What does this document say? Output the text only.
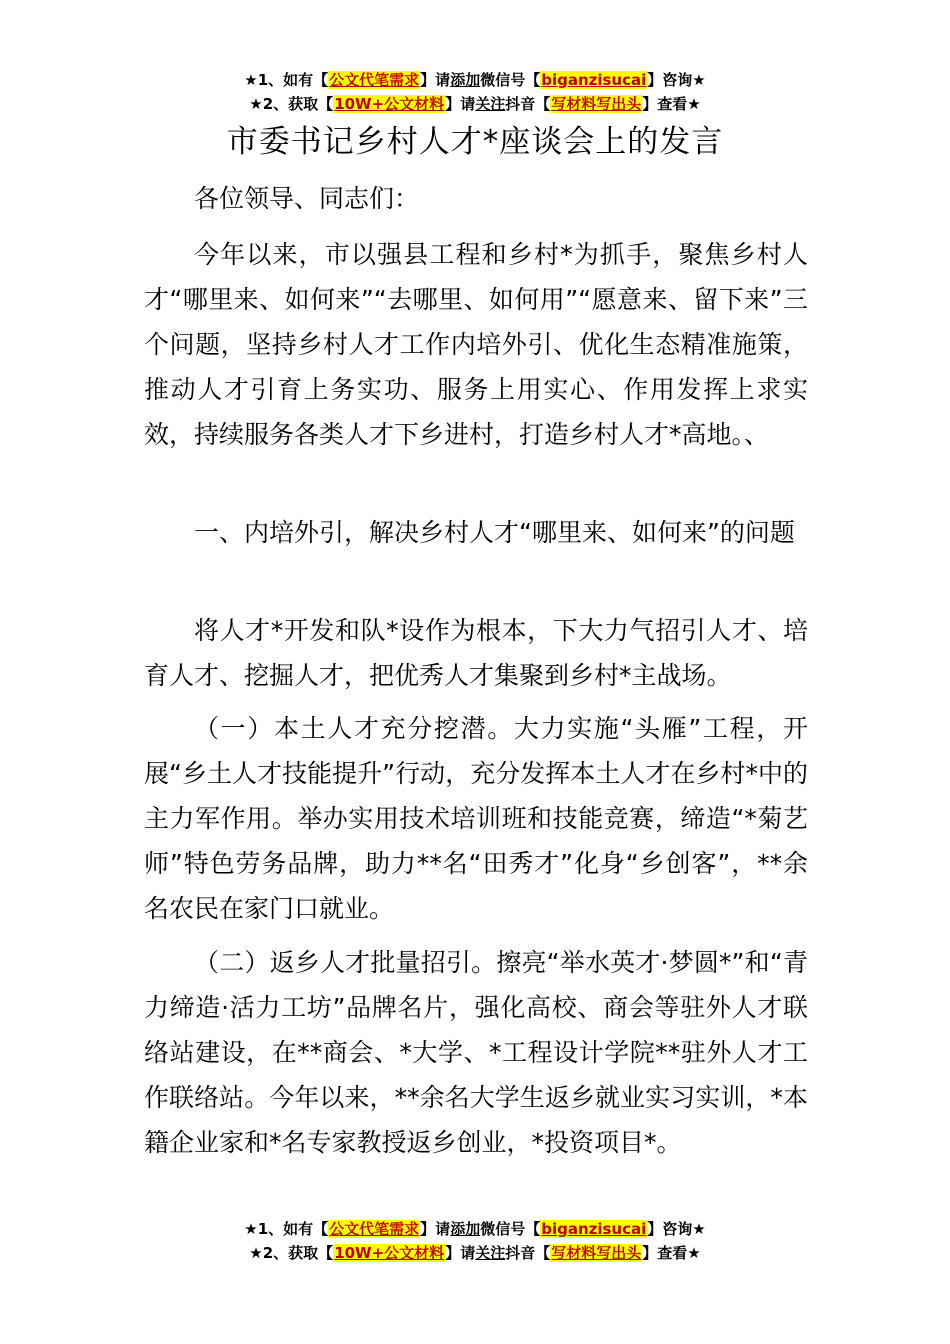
★1、如有【公文代笔需求】请添加微信号【biganzisucai】咨询★
★2、获取【10W+公文材料】请关注抖音【写材料写出头】查看★
市委书记乡村人才*座谈会上的发言
各位领导、同志们：
今年以来，市以强县工程和乡村*为抓手，聚焦乡村人才“哪里来、如何来”“去哪里、如何用”“愿意来、留下来”三个问题，坚持乡村人才工作内培外引、优化生态精准施策，推动人才引育上务实功、服务上用实心、作用发挥上求实效，持续服务各类人才下乡进村，打造乡村人才*高地。、
一、内培外引，解决乡村人才“哪里来、如何来”的问题
将人才*开发和队*设作为根本，下大力气招引人才、培育人才、挖掘人才，把优秀人才集聚到乡村*主战场。
（一）本土人才充分挖潜。大力实施“头雁”工程，开展“乡土人才技能提升”行动，充分发挥本土人才在乡村*中的主力军作用。举办实用技术培训班和技能竞赛，缔造“*菊艺师”特色劳务品牌，助力**名“田秀才”化身“乡创客”，**余名农民在家门口就业。
（二）返乡人才批量招引。擦亮“举水英才·梦圆*”和“青力缔造·活力工坊”品牌名片，强化高校、商会等驻外人才联络站建设，在**商会、*大学、*工程设计学院**驻外人才工作联络站。今年以来，**余名大学生返乡就业实习实训，*本籍企业家和*名专家教授返乡创业，*投资项目*。
★1、如有【公文代笔需求】请添加微信号【biganzisucai】咨询★
★2、获取【10W+公文材料】请关注抖音【写材料写出头】查看★
